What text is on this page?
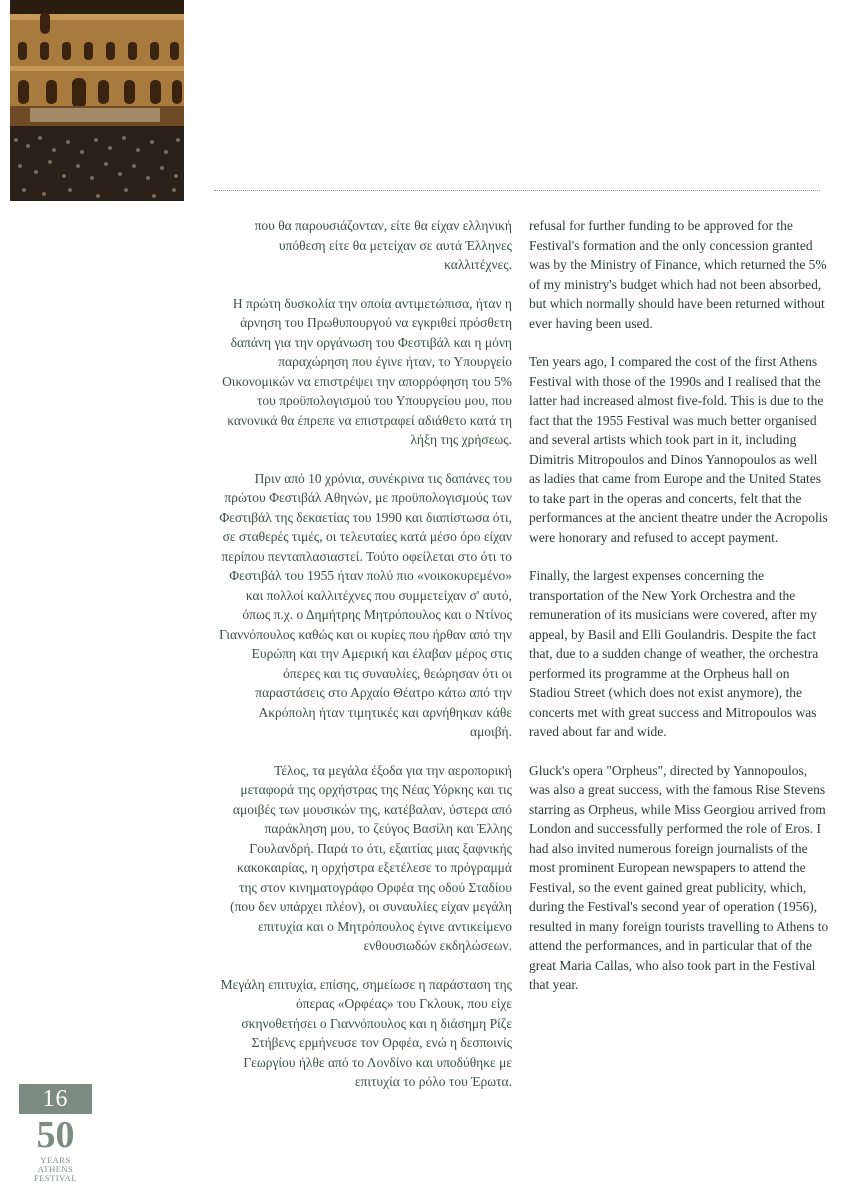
που θα παρουσιάζονταν, είτε θα είχαν ελληνική υπόθεση είτε θα μετείχαν σε αυτά Έλληνες καλλιτέχνες.

Η πρώτη δυσκολία την οποία αντιμετώπισα, ήταν η άρνηση του Πρωθυπουργού να εγκριθεί πρόσθετη δαπάνη για την οργάνωση του Φεστιβάλ και η μόνη παραχώρηση που έγινε ήταν, το Υπουργείο Οικονομικών να επιστρέψει την απορρόφηση του 5% του προϋπολογισμού του Υπουργείου μου, που κανονικά θα έπρεπε να επιστραφεί αδιάθετο κατά τη λήξη της χρήσεως.

Πριν από 10 χρόνια, συνέκρινα τις δαπάνες του πρώτου Φεστιβάλ Αθηνών, με προϋπολογισμούς των Φεστιβάλ της δεκαετίας του 1990 και διαπίστωσα ότι, σε σταθερές τιμές, οι τελευταίες κατά μέσο όρο είχαν περίπου πενταπλασιαστεί. Τούτο οφείλεται στο ότι το Φεστιβάλ του 1955 ήταν πολύ πιο «νοικοκυρεμένο» και πολλοί καλλιτέχνες που συμμετείχαν σ' αυτό, όπως π.χ. ο Δημήτρης Μητρόπουλος και ο Ντίνος Γιαννόπουλος καθώς και οι κυρίες που ήρθαν από την Ευρώπη και την Αμερική και έλαβαν μέρος στις όπερες και τις συναυλίες, θεώρησαν ότι οι παραστάσεις στο Αρχαίο Θέατρο κάτω από την Ακρόπολη ήταν τιμητικές και αρνήθηκαν κάθε αμοιβή.

Τέλος, τα μεγάλα έξοδα για την αεροπορική μεταφορά της ορχήστρας της Νέας Υόρκης και τις αμοιβές των μουσικών της, κατέβαλαν, ύστερα από παράκληση μου, το ζεύγος Βασίλη και Έλλης Γουλανδρή. Παρά το ότι, εξαιτίας μιας ξαφνικής κακοκαιρίας, η ορχήστρα εξετέλεσε το πρόγραμμά της στον κινηματογράφο Ορφέα της οδού Σταδίου (που δεν υπάρχει πλέον), οι συναυλίες είχαν μεγάλη επιτυχία και ο Μητρόπουλος έγινε αντικείμενο ενθουσιωδών εκδηλώσεων.

Μεγάλη επιτυχία, επίσης, σημείωσε η παράσταση της όπερας «Ορφέας» του Γκλουκ, που είχε σκηνοθετήσει ο Γιαννόπουλος και η διάσημη Ρίζε Στήβενς ερμήνευσε τον Ορφέα, ενώ η δεσποινίς Γεωργίου ήλθε από το Λονδίνο και υποδύθηκε με επιτυχία το ρόλο του Έρωτα.

refusal for further funding to be approved for the Festival's formation and the only concession granted was by the Ministry of Finance, which returned the 5% of my ministry's budget which had not been absorbed, but which normally should have been returned without ever having been used.

Ten years ago, I compared the cost of the first Athens Festival with those of the 1990s and I realised that the latter had increased almost five-fold. This is due to the fact that the 1955 Festival was much better organised and several artists which took part in it, including Dimitris Mitropoulos and Dinos Yannopoulos as well as ladies that came from Europe and the United States to take part in the operas and concerts, felt that the performances at the ancient theatre under the Acropolis were honorary and refused to accept payment.

Finally, the largest expenses concerning the transportation of the New York Orchestra and the remuneration of its musicians were covered, after my appeal, by Basil and Elli Goulandris. Despite the fact that, due to a sudden change of weather, the orchestra performed its programme at the Orpheus hall on Stadiou Street (which does not exist anymore), the concerts met with great success and Mitropoulos was raved about far and wide.

Gluck's opera "Orpheus", directed by Yannopoulos, was also a great success, with the famous Rise Stevens starring as Orpheus, while Miss Georgiou arrived from London and successfully performed the role of Eros. I had also invited numerous foreign journalists of the most prominent European newspapers to attend the Festival, so the event gained great publicity, which, during the Festival's second year of operation (1956), resulted in many foreign tourists travelling to Athens to attend the performances, and in particular that of the great Maria Callas, who also took part in the Festival that year.

16
50
YEARS
ATHENS
FESTIVAL
